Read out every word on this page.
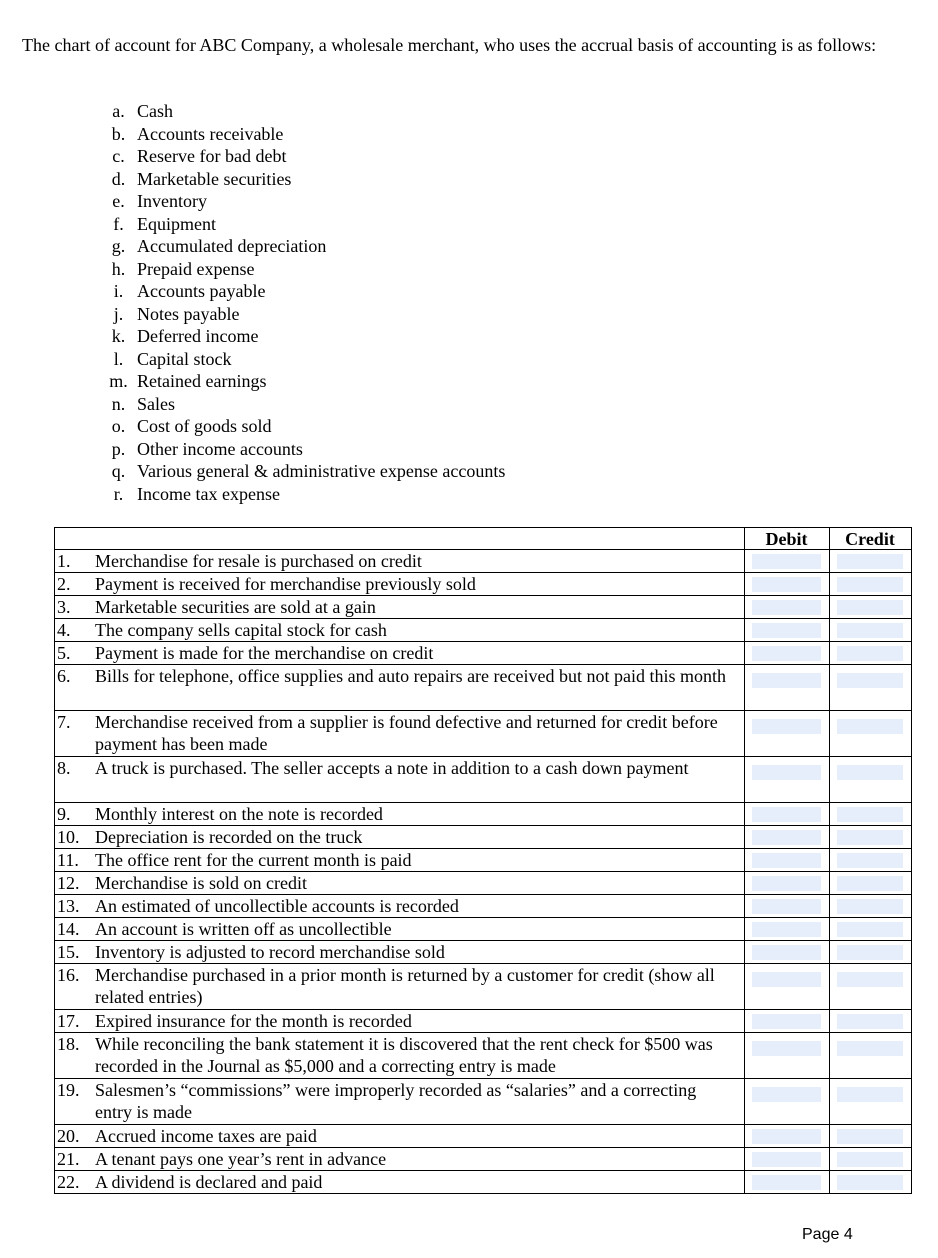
The chart of account for ABC Company, a wholesale merchant, who uses the accrual basis of accounting is as follows:
a. Cash
b. Accounts receivable
c. Reserve for bad debt
d. Marketable securities
e. Inventory
f. Equipment
g. Accumulated depreciation
h. Prepaid expense
i. Accounts payable
j. Notes payable
k. Deferred income
l. Capital stock
m. Retained earnings
n. Sales
o. Cost of goods sold
p. Other income accounts
q. Various general & administrative expense accounts
r. Income tax expense
Debit	Credit
1. Merchandise for resale is purchased on credit
2. Payment is received for merchandise previously sold
3. Marketable securities are sold at a gain
4. The company sells capital stock for cash
5. Payment is made for the merchandise on credit
6. Bills for telephone, office supplies and auto repairs are received but not paid this month
7. Merchandise received from a supplier is found defective and returned for credit before payment has been made
8. A truck is purchased. The seller accepts a note in addition to a cash down payment
9. Monthly interest on the note is recorded
10. Depreciation is recorded on the truck
11. The office rent for the current month is paid
12. Merchandise is sold on credit
13. An estimated of uncollectible accounts is recorded
14. An account is written off as uncollectible
15. Inventory is adjusted to record merchandise sold
16. Merchandise purchased in a prior month is returned by a customer for credit (show all related entries)
17. Expired insurance for the month is recorded
18. While reconciling the bank statement it is discovered that the rent check for $500 was recorded in the Journal as $5,000 and a correcting entry is made
19. Salesmen’s “commissions” were improperly recorded as “salaries” and a correcting entry is made
20. Accrued income taxes are paid
21. A tenant pays one year’s rent in advance
22. A dividend is declared and paid
Page 4
